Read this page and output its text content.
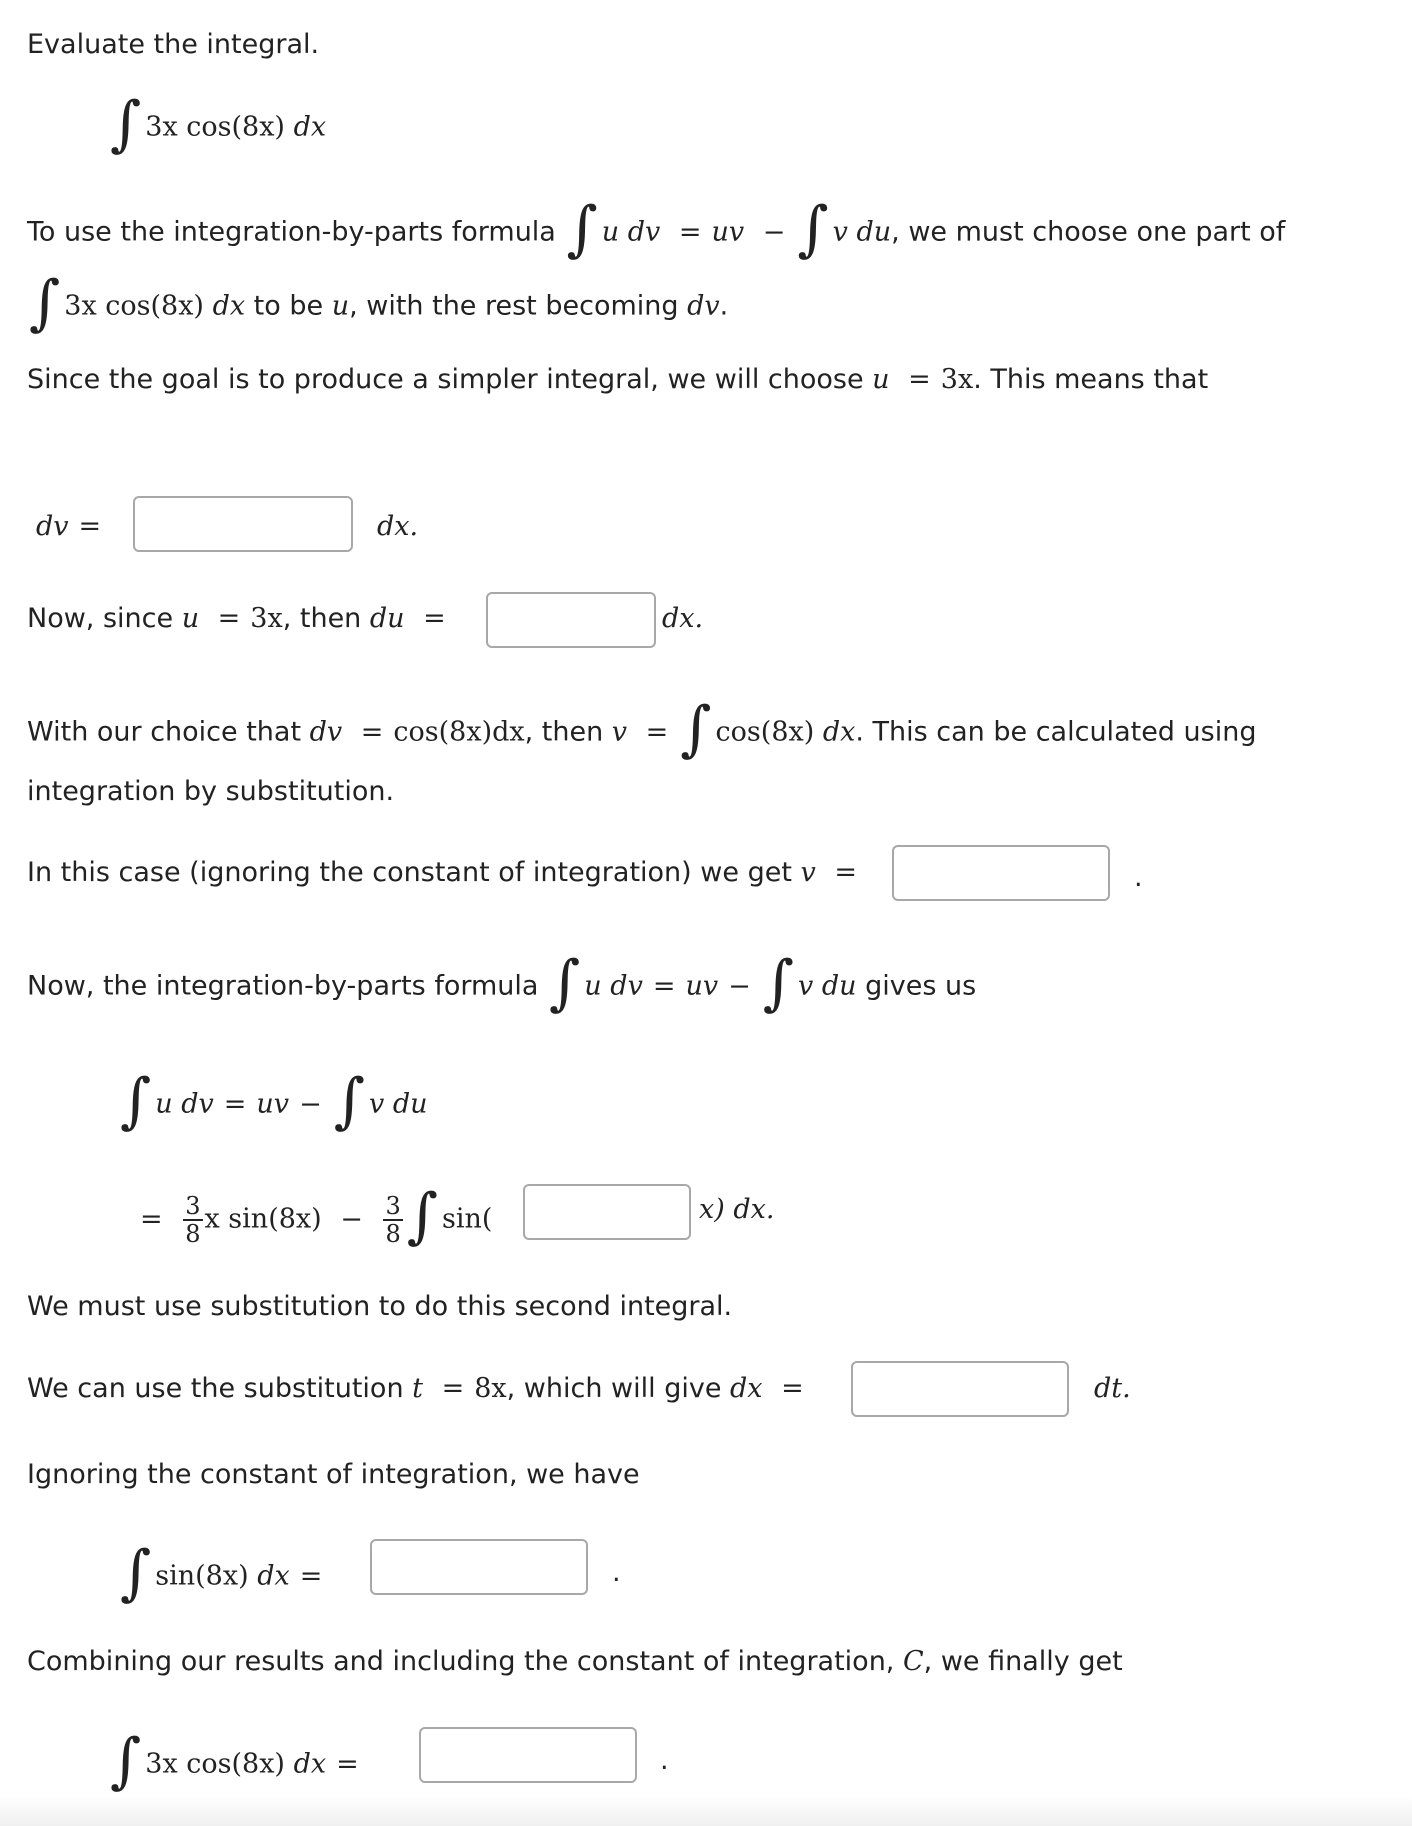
Evaluate the integral.
∫ 3x cos(8x) dx
To use the integration-by-parts formula ∫ u dv = uv − ∫ v du, we must choose one part of
∫ 3x cos(8x) dx to be u, with the rest becoming dv.
Since the goal is to produce a simpler integral, we will choose u = 3x. This means that
dv =	dx.
Now, since u = 3x, then du =	dx.
With our choice that dv = cos(8x)dx, then v = ∫ cos(8x) dx. This can be calculated using
integration by substitution.
In this case (ignoring the constant of integration) we get v =	.
Now, the integration-by-parts formula ∫ u dv = uv − ∫ v du gives us
∫ u dv = uv − ∫ v du
= $\frac{3}{8}$ x $\sin(8x) - \frac{3}{8}$ ∫ sin(	x) dx.
We must use substitution to do this second integral.
We can use the substitution t = 8x, which will give dx =	dt.
Ignoring the constant of integration, we have
∫ sin(8x) dx =	.
Combining our results and including the constant of integration, C, we finally get
∫ 3x cos(8x) dx =	.
